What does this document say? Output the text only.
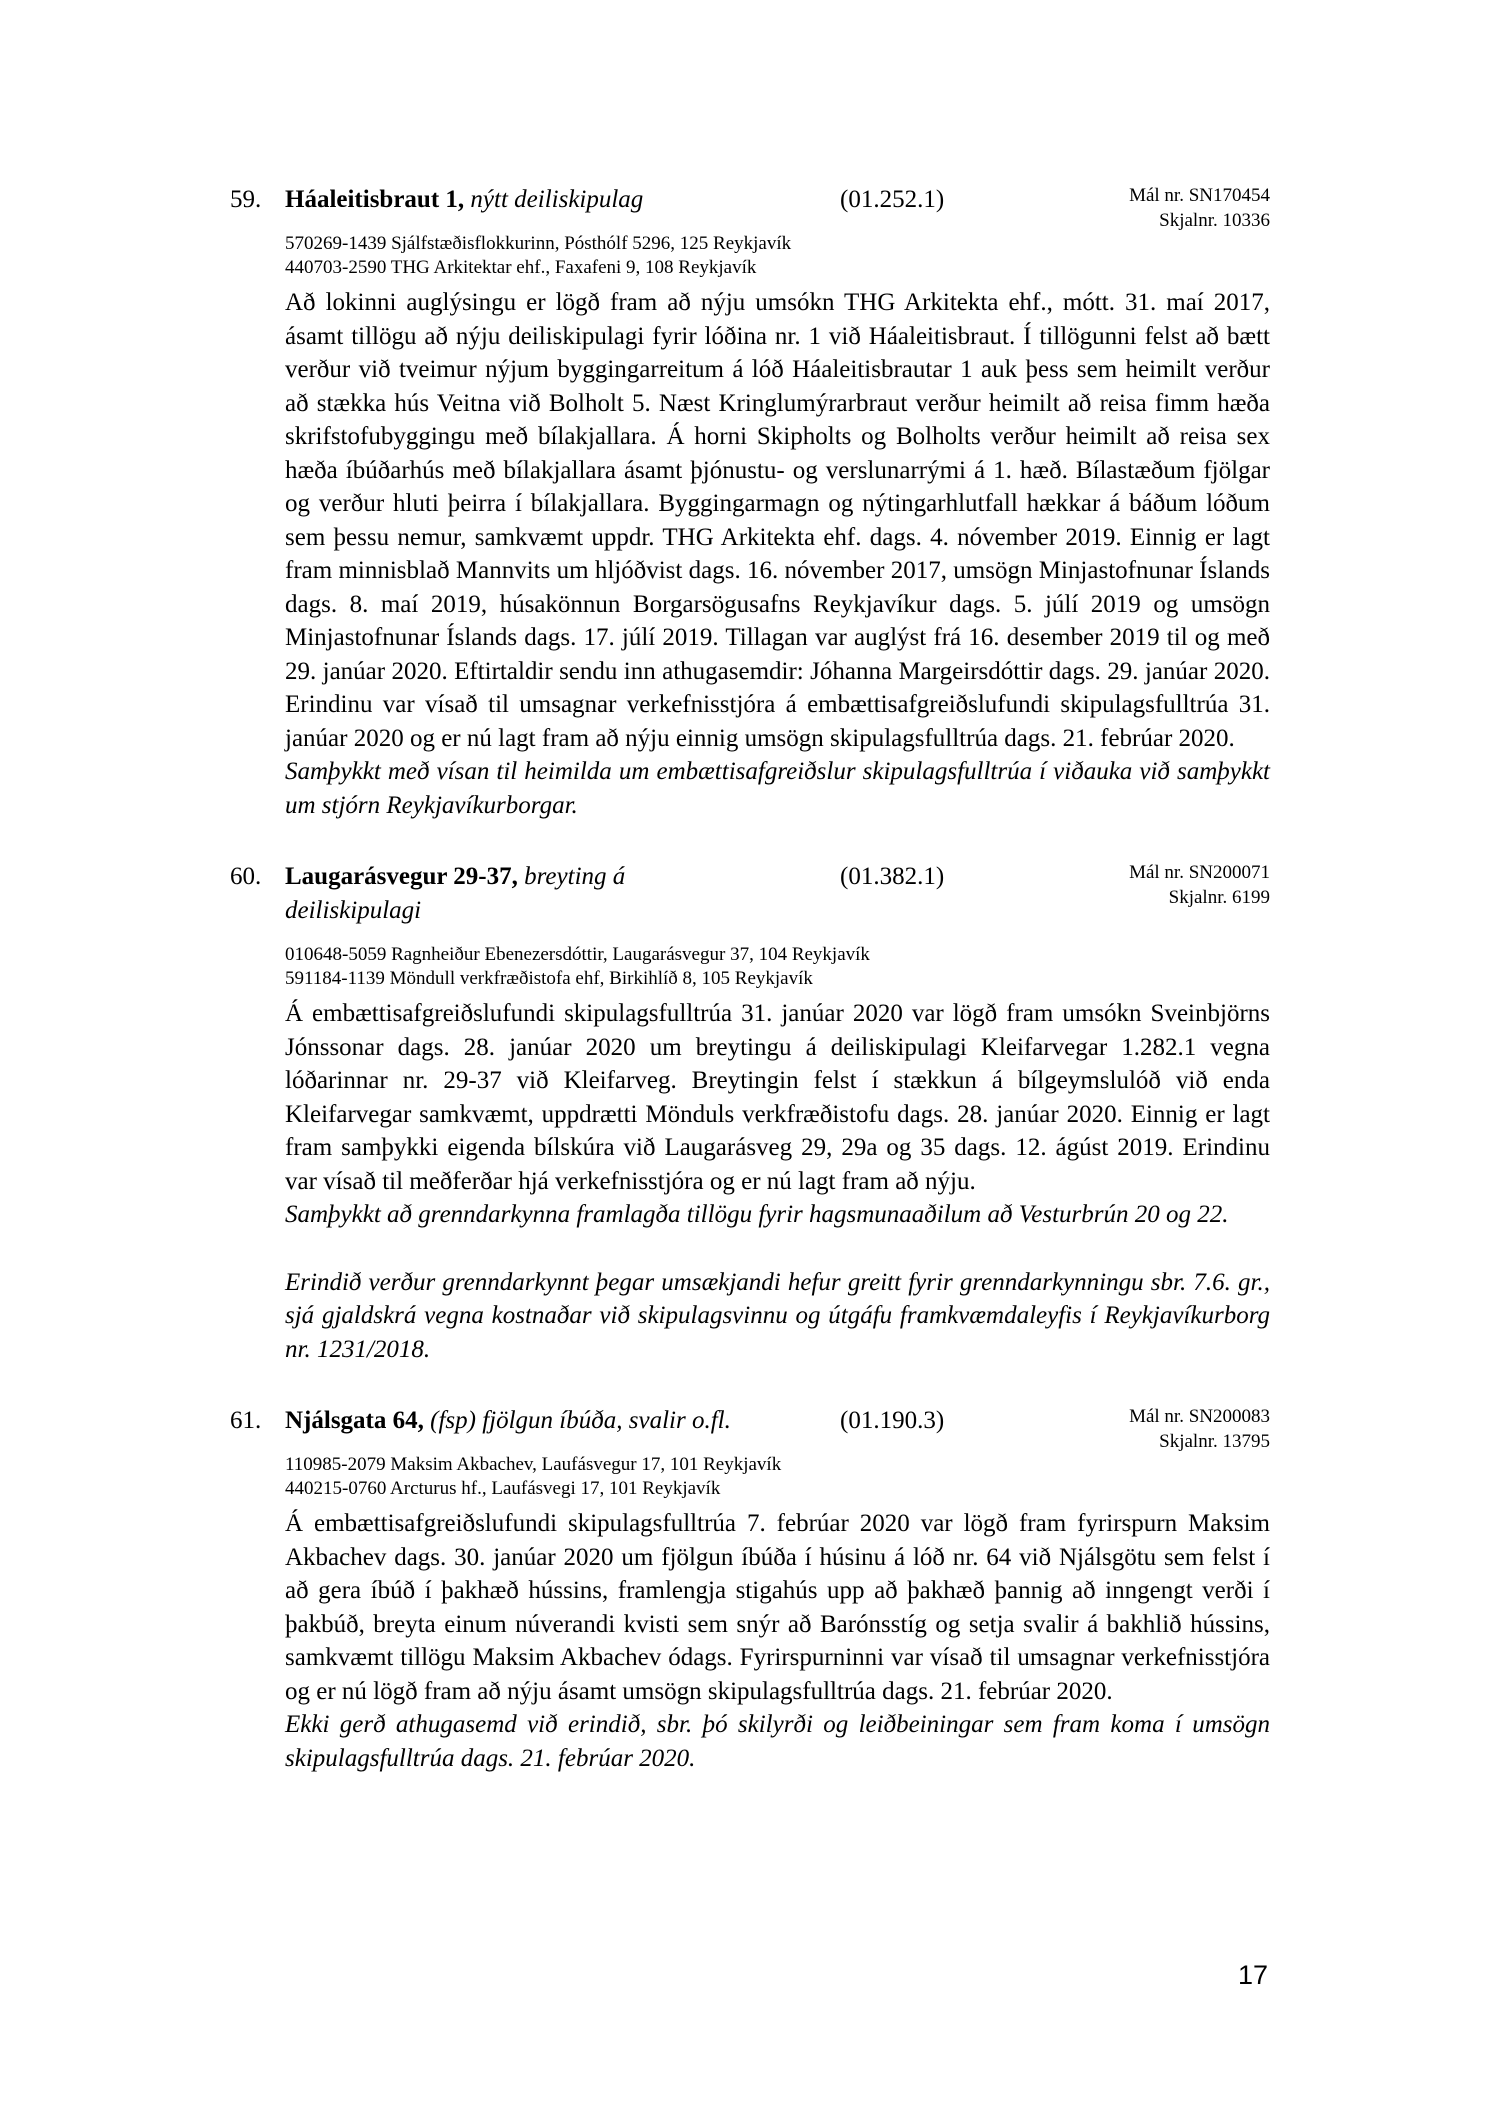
59. Háaleitisbraut 1, nýtt deiliskipulag	(01.252.1)	Mál nr. SN170454
Skjalnr. 10336
570269-1439 Sjálfstæðisflokkurinn, Pósthólf 5296, 125 Reykjavík
440703-2590 THG Arkitektar ehf., Faxafeni 9, 108 Reykjavík

Að lokinni auglýsingu er lögð fram að nýju umsókn THG Arkitekta ehf., mótt. 31. maí 2017, ásamt tillögu að nýju deiliskipulagi fyrir lóðina nr. 1 við Háaleitisbraut. Í tillögunni felst að bætt verður við tveimur nýjum byggingarreitum á lóð Háaleitisbrautar 1 auk þess sem heimilt verður að stækka hús Veitna við Bolholt 5. Næst Kringlumýrarbraut verður heimilt að reisa fimm hæða skrifstofubyggingu með bílakjallara. Á horni Skipholts og Bolholts verður heimilt að reisa sex hæða íbúðarhús með bílakjallara ásamt þjónustu- og verslunarrými á 1. hæð. Bílastæðum fjölgar og verður hluti þeirra í bílakjallara. Byggingarmagn og nýtingarhlutfall hækkar á báðum lóðum sem þessu nemur, samkvæmt uppdr. THG Arkitekta ehf. dags. 4. nóvember 2019. Einnig er lagt fram minnisblað Mannvits um hljóðvist dags. 16. nóvember 2017, umsögn Minjastofnunar Íslands dags. 8. maí 2019, húsakönnun Borgarsögusafns Reykjavíkur dags. 5. júlí 2019 og umsögn Minjastofnunar Íslands dags. 17. júlí 2019. Tillagan var auglýst frá 16. desember 2019 til og með 29. janúar 2020. Eftirtaldir sendu inn athugasemdir: Jóhanna Margeirsdóttir dags. 29. janúar 2020. Erindinu var vísað til umsagnar verkefnisstjóra á embættisafgreiðslufundi skipulagsfulltrúa 31. janúar 2020 og er nú lagt fram að nýju einnig umsögn skipulagsfulltrúa dags. 21. febrúar 2020.

Samþykkt með vísan til heimilda um embættisafgreiðslur skipulagsfulltrúa í viðauka við samþykkt um stjórn Reykjavíkurborgar.

60. Laugarásvegur 29-37, breyting á
deiliskipulagi
(01.382.1)	Mál nr. SN200071
Skjalnr. 6199
010648-5059 Ragnheiður Ebenezersdóttir, Laugarásvegur 37, 104 Reykjavík
591184-1139 Möndull verkfræðistofa ehf, Birkihlíð 8, 105 Reykjavík

Á embættisafgreiðslufundi skipulagsfulltrúa 31. janúar 2020 var lögð fram umsókn Sveinbjörns Jónssonar dags. 28. janúar 2020 um breytingu á deiliskipulagi Kleifarvegar 1.282.1 vegna lóðarinnar nr. 29-37 við Kleifarveg. Breytingin felst í stækkun á bílgeymslulóð við enda Kleifarvegar samkvæmt, uppdrætti Mönduls verkfræðistofu dags. 28. janúar 2020. Einnig er lagt fram samþykki eigenda bílskúra við Laugarásveg 29, 29a og 35 dags. 12. ágúst 2019. Erindinu var vísað til meðferðar hjá verkefnisstjóra og er nú lagt fram að nýju.

Samþykkt að grenndarkynna framlagða tillögu fyrir hagsmunaaðilum að Vesturbrún 20 og 22.

Erindið verður grenndarkynnt þegar umsækjandi hefur greitt fyrir grenndarkynningu sbr. 7.6. gr., sjá gjaldskrá vegna kostnaðar við skipulagsvinnu og útgáfu framkvæmdaleyfis í Reykjavíkurborg nr. 1231/2018.

61. Njálsgata 64, (fsp) fjölgun íbúða, svalir o.fl.	(01.190.3)	Mál nr. SN200083
Skjalnr. 13795
110985-2079 Maksim Akbachev, Laufásvegur 17, 101 Reykjavík
440215-0760 Arcturus hf., Laufásvegi 17, 101 Reykjavík

Á embættisafgreiðslufundi skipulagsfulltrúa 7. febrúar 2020 var lögð fram fyrirspurn Maksim Akbachev dags. 30. janúar 2020 um fjölgun íbúða í húsinu á lóð nr. 64 við Njálsgötu sem felst í að gera íbúð í þakhæð hússins, framlengja stigahús upp að þakhæð þannig að inngengt verði í þakbúð, breyta einum núverandi kvisti sem snýr að Barónsstíg og setja svalir á bakhlið hússins, samkvæmt tillögu Maksim Akbachev ódags. Fyrirspurninni var vísað til umsagnar verkefnisstjóra og er nú lögð fram að nýju ásamt umsögn skipulagsfulltrúa dags. 21. febrúar 2020.

Ekki gerð athugasemd við erindið, sbr. þó skilyrði og leiðbeiningar sem fram koma í umsögn skipulagsfulltrúa dags. 21. febrúar 2020.

17
